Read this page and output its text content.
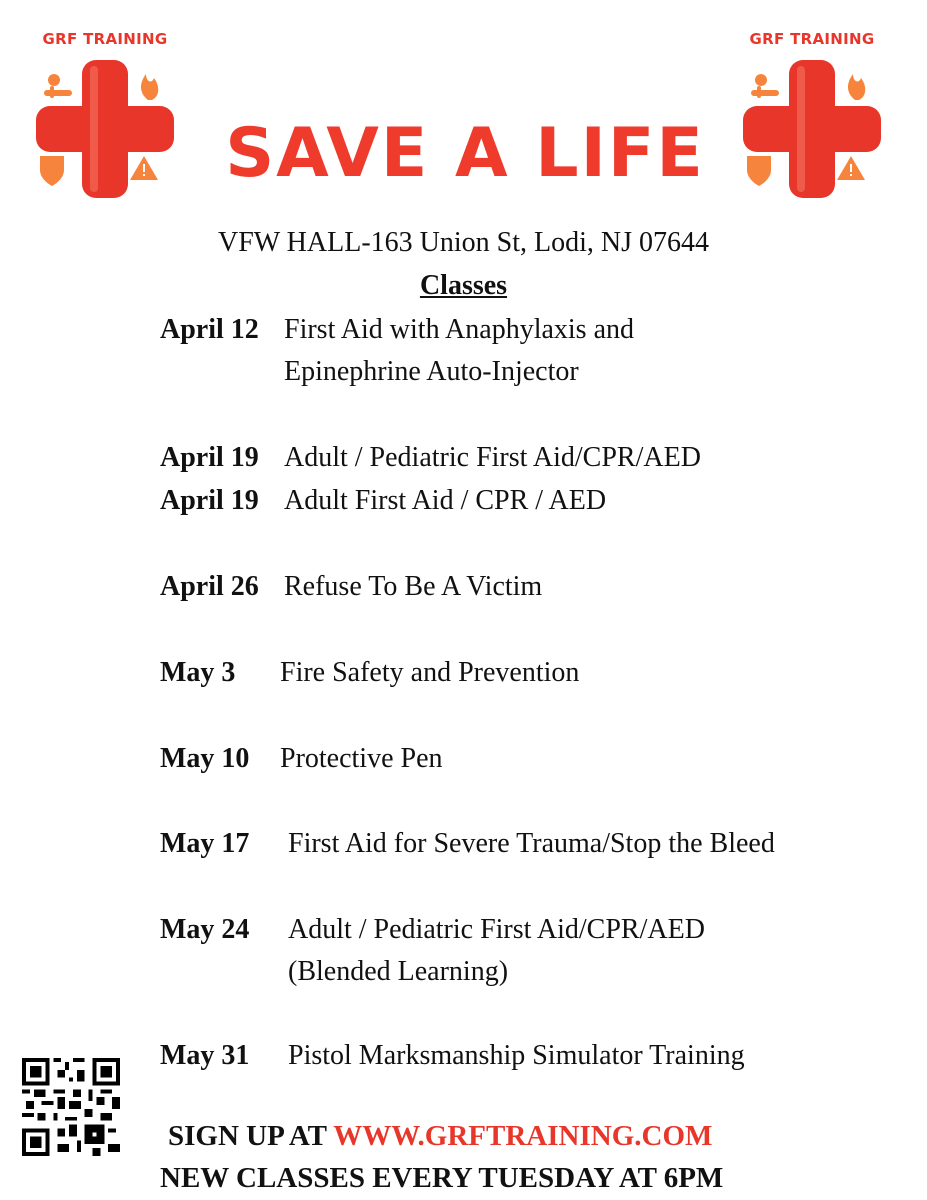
GRF TRAINING	GRF TRAINING
SAVE A LIFE
VFW HALL-163 Union St, Lodi, NJ 07644
Classes
April 12 First Aid with Anaphylaxis and
Epinephrine Auto-Injector
April 19 Adult / Pediatric First Aid/CPR/AED
April 19 Adult First Aid / CPR / AED
April 26 Refuse To Be A Victim
May 3 Fire Safety and Prevention
May 10 Protective Pen
May 17 First Aid for Severe Trauma/Stop the Bleed
May 24 Adult / Pediatric First Aid/CPR/AED
(Blended Learning)
May 31 Pistol Marksmanship Simulator Training
SIGN UP AT WWW.GRFTRAINING.COM
NEW CLASSES EVERY TUESDAY AT 6PM
